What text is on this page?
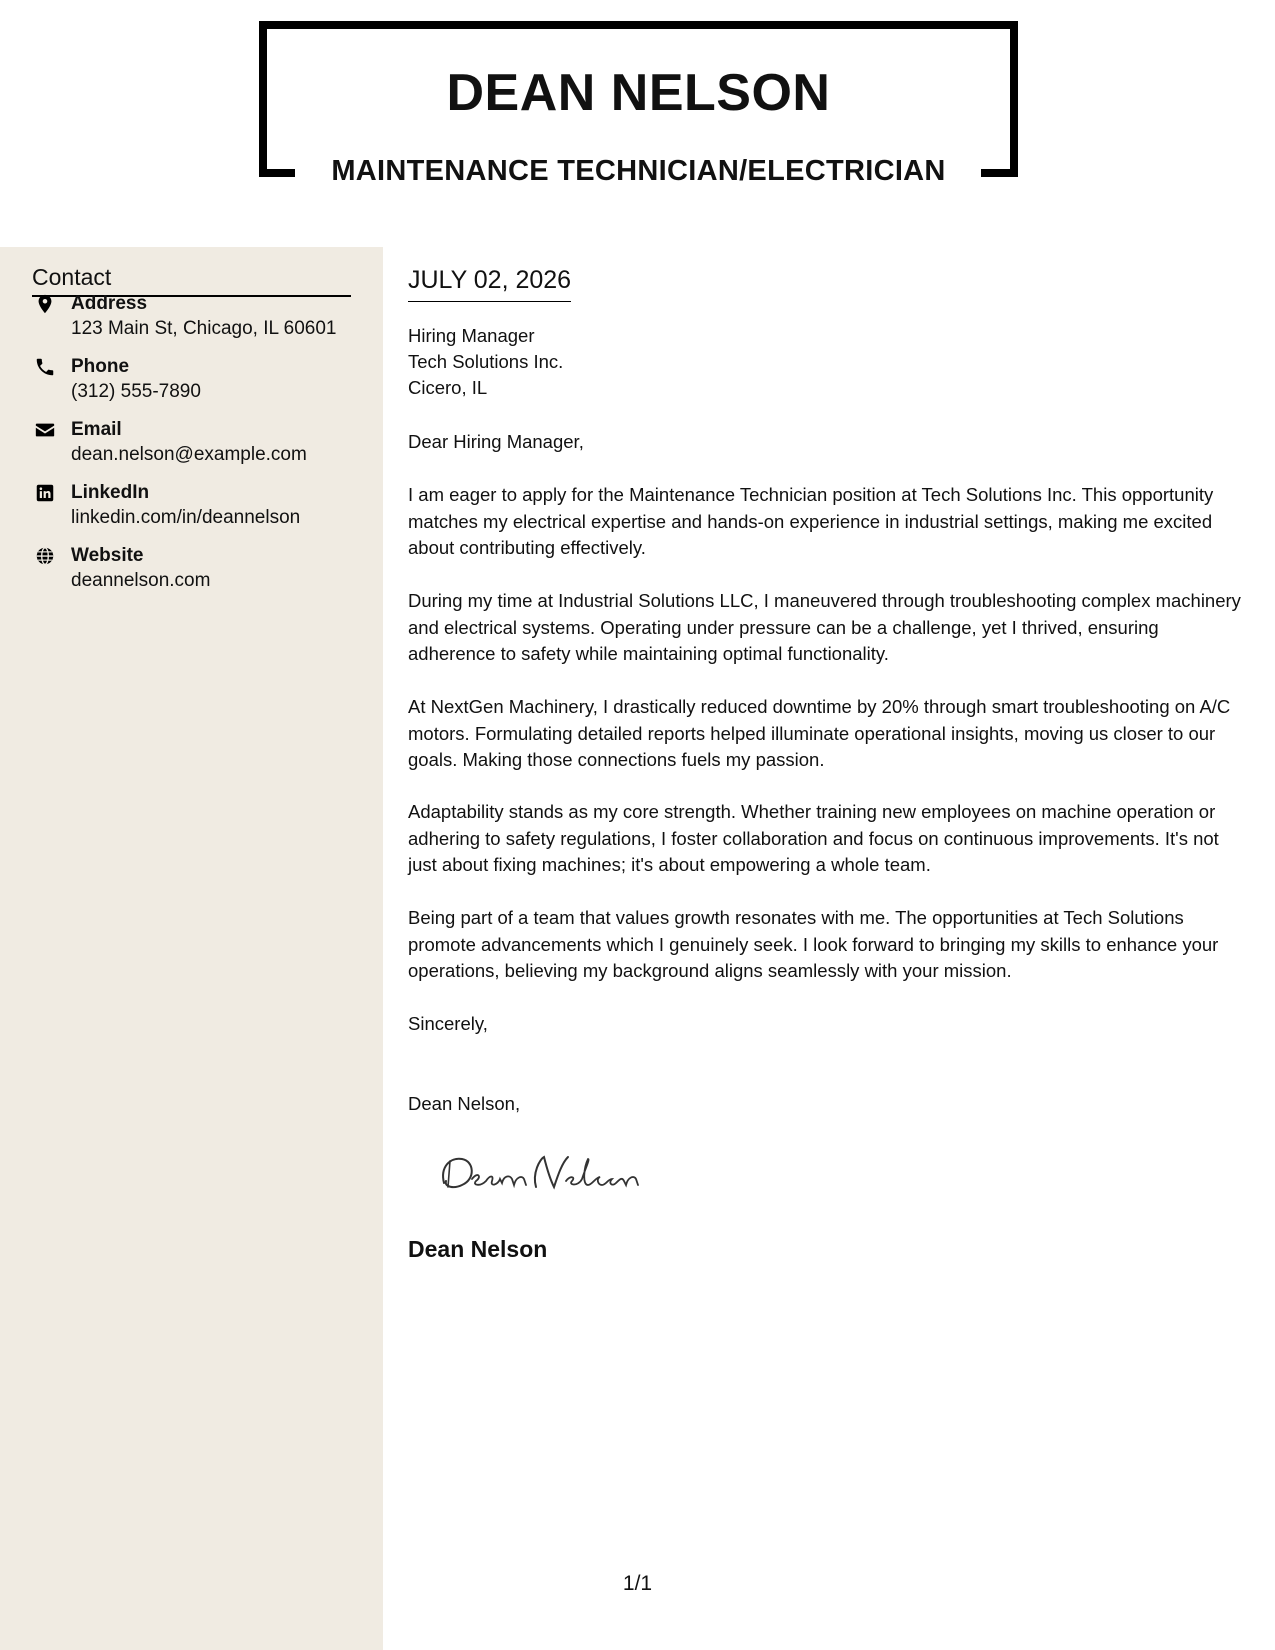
DEAN NELSON
MAINTENANCE TECHNICIAN/ELECTRICIAN
Contact
Address
123 Main St, Chicago, IL 60601
Phone
(312) 555-7890
Email
dean.nelson@example.com
LinkedIn
linkedin.com/in/deannelson
Website
deannelson.com
JULY 02, 2026
Hiring Manager
Tech Solutions Inc.
Cicero, IL

Dear Hiring Manager,

I am eager to apply for the Maintenance Technician position at Tech Solutions Inc. This opportunity matches my electrical expertise and hands-on experience in industrial settings, making me excited about contributing effectively.

During my time at Industrial Solutions LLC, I maneuvered through troubleshooting complex machinery and electrical systems. Operating under pressure can be a challenge, yet I thrived, ensuring adherence to safety while maintaining optimal functionality.

At NextGen Machinery, I drastically reduced downtime by 20% through smart troubleshooting on A/C motors. Formulating detailed reports helped illuminate operational insights, moving us closer to our goals. Making those connections fuels my passion.

Adaptability stands as my core strength. Whether training new employees on machine operation or adhering to safety regulations, I foster collaboration and focus on continuous improvements. It's not just about fixing machines; it's about empowering a whole team.

Being part of a team that values growth resonates with me. The opportunities at Tech Solutions promote advancements which I genuinely seek. I look forward to bringing my skills to enhance your operations, believing my background aligns seamlessly with your mission.

Sincerely,

Dean Nelson,

Dean Nelson
1/1
